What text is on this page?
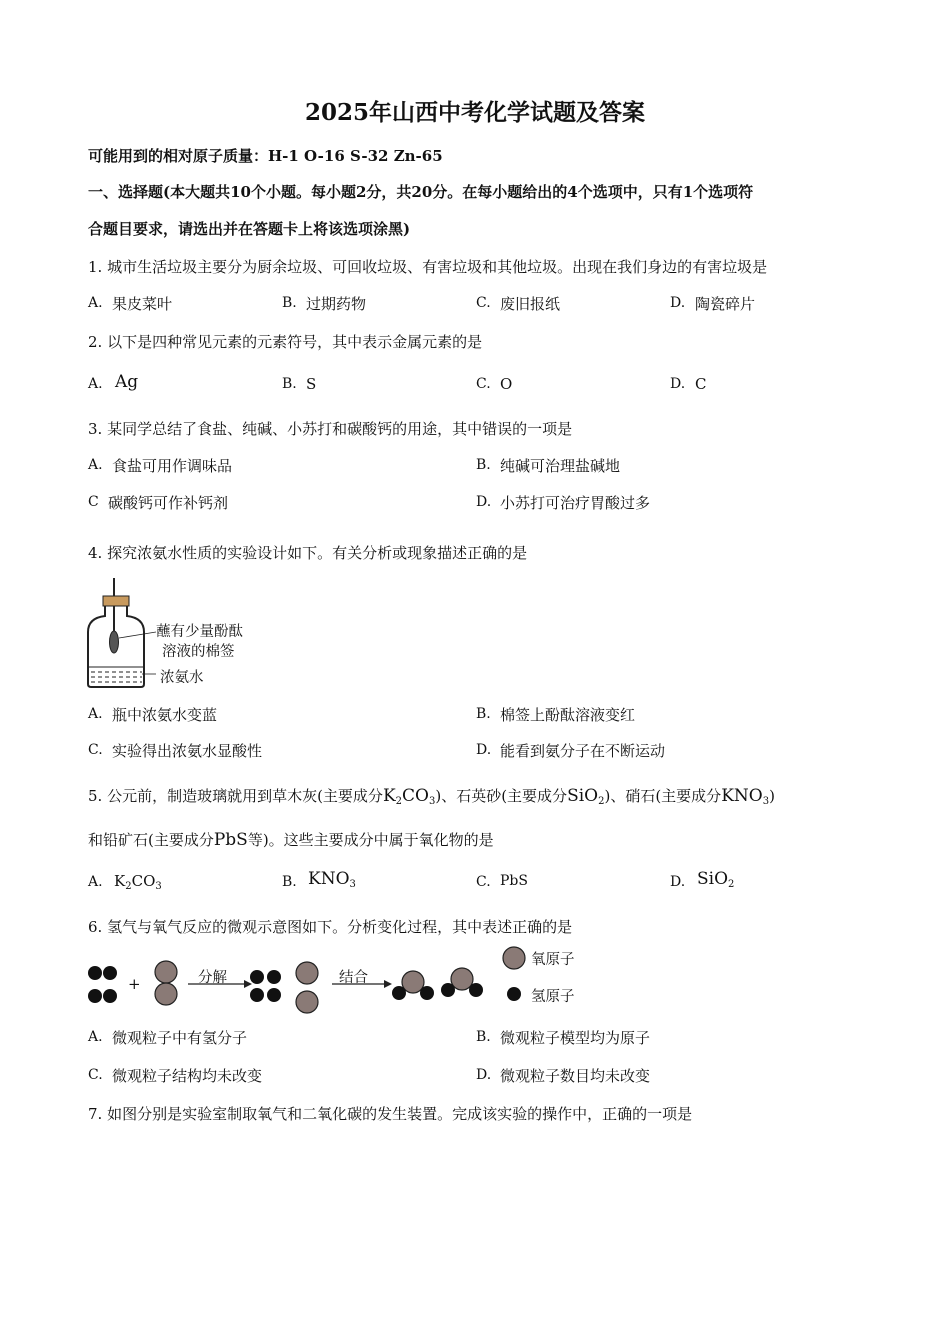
2025年山西中考化学试题及答案
可能用到的相对原子质量：H-1 O-16 S-32 Zn-65
一、选择题(本大题共10个小题。每小题2分，共20分。在每小题给出的4个选项中，只有1个选项符
合题目要求，请选出并在答题卡上将该选项涂黑)
1. 城市生活垃圾主要分为厨余垃圾、可回收垃圾、有害垃圾和其他垃圾。出现在我们身边的有害垃圾是
A. 果皮菜叶	B. 过期药物	C. 废旧报纸	D. 陶瓷碎片
2. 以下是四种常见元素的元素符号，其中表示金属元素的是
A. Ag	B. S	C. O	D. C
3. 某同学总结了食盐、纯碱、小苏打和碳酸钙的用途，其中错误的一项是
A. 食盐可用作调味品	B. 纯碱可治理盐碱地
C 碳酸钙可作补钙剂	D. 小苏打可治疗胃酸过多
4. 探究浓氨水性质的实验设计如下。有关分析或现象描述正确的是
蘸有少量酚酞
溶液的棉签
浓氨水
A. 瓶中浓氨水变蓝	B. 棉签上酚酞溶液变红
C. 实验得出浓氨水显酸性	D. 能看到氨分子在不断运动
5. 公元前，制造玻璃就用到草木灰(主要成分$K_2CO_3$)、石英砂(主要成分SiO$_2$)、硝石(主要成分$KNO_3$)
和铅矿石(主要成分PbS等)。这些主要成分中属于氧化物的是
A. $K_2CO_3$	B. $KNO_3$	C. PbS	D. SiO$_2$
6. 氢气与氧气反应的微观示意图如下。分析变化过程，其中表述正确的是
+	分解	结合
氧原子
氢原子
A. 微观粒子中有氢分子	B. 微观粒子模型均为原子
C. 微观粒子结构均未改变	D. 微观粒子数目均未改变
7. 如图分别是实验室制取氧气和二氧化碳的发生装置。完成该实验的操作中，正确的一项是
